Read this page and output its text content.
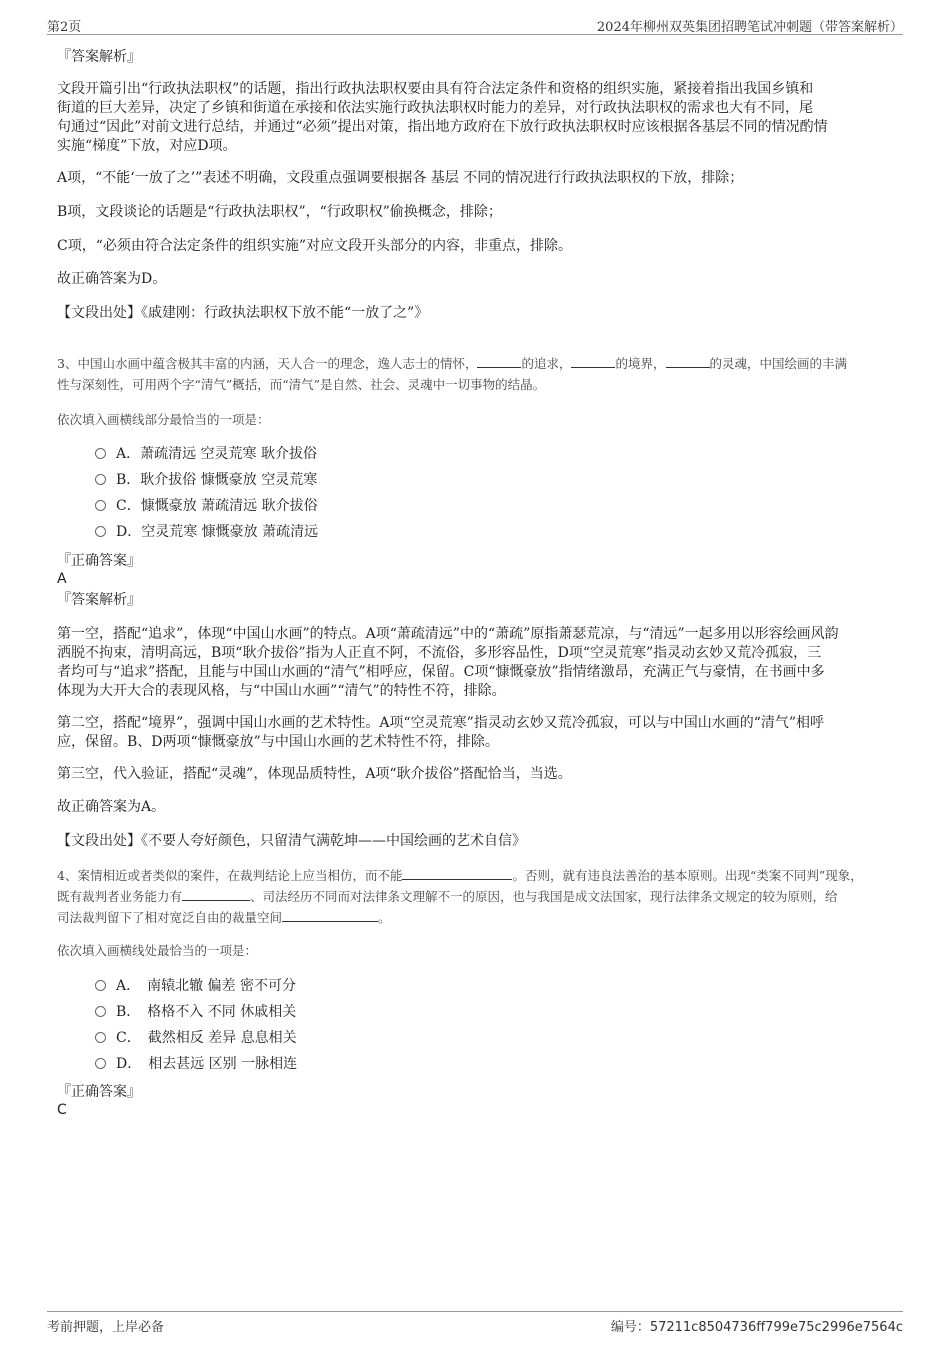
第2页	2024年柳州双英集团招聘笔试冲刺题（带答案解析）

『答案解析』

文段开篇引出“行政执法职权”的话题，指出行政执法职权要由具有符合法定条件和资格的组织实施，紧接着指出我国乡镇和

街道的巨大差异，决定了乡镇和街道在承接和依法实施行政执法职权时能力的差异，对行政执法职权的需求也大有不同，尾

句通过“因此”对前文进行总结，并通过“必须”提出对策，指出地方政府在下放行政执法职权时应该根据各基层不同的情况酌情

实施“梯度”下放，对应D项。

A项，“不能‘一放了之’”表述不明确，文段重点强调要根据各 基层 不同的情况进行行政执法职权的下放，排除；

B项，文段谈论的话题是“行政执法职权”，“行政职权”偷换概念，排除；

C项，“必须由符合法定条件的组织实施”对应文段开头部分的内容，非重点，排除。

故正确答案为D。

【文段出处】《戚建刚：行政执法职权下放不能“一放了之”》

3、中国山水画中蕴含极其丰富的内涵，天人合一的理念，逸人志士的情怀，	的追求，	的境界，	的灵魂，中国绘画的丰满

性与深刻性，可用两个字“清气”概括，而“清气”是自然、社会、灵魂中一切事物的结晶。

依次填入画横线部分最恰当的一项是：

A．萧疏清远 空灵荒寒 耿介拔俗
B．耿介拔俗 慷慨豪放 空灵荒寒
C．慷慨豪放 萧疏清远 耿介拔俗
D．空灵荒寒 慷慨豪放 萧疏清远

『正确答案』

A

『答案解析』

第一空，搭配“追求”，体现“中国山水画”的特点。A项“萧疏清远”中的“萧疏”原指萧瑟荒凉，与“清远”一起多用以形容绘画风韵

洒脱不拘束，清明高远，B项“耿介拔俗”指为人正直不阿，不流俗，多形容品性，D项“空灵荒寒”指灵动玄妙又荒冷孤寂，三

者均可与“追求”搭配，且能与中国山水画的“清气”相呼应，保留。C项“慷慨豪放”指情绪激昂，充满正气与豪情，在书画中多

体现为大开大合的表现风格，与“中国山水画”“清气”的特性不符，排除。

第二空，搭配“境界”，强调中国山水画的艺术特性。A项“空灵荒寒”指灵动玄妙又荒冷孤寂，可以与中国山水画的“清气”相呼

应，保留。B、D两项“慷慨豪放”与中国山水画的艺术特性不符，排除。

第三空，代入验证，搭配“灵魂”，体现品质特性，A项“耿介拔俗”搭配恰当，当选。

故正确答案为A。

【文段出处】《不要人夸好颜色，只留清气满乾坤——中国绘画的艺术自信》

4、案情相近或者类似的案件，在裁判结论上应当相仿，而不能	。否则，就有违良法善治的基本原则。出现“类案不同判”现象，

既有裁判者业务能力有	、司法经历不同而对法律条文理解不一的原因，也与我国是成文法国家，现行法律条文规定的较为原则，给

司法裁判留下了相对宽泛自由的裁量空间	。

依次填入画横线处最恰当的一项是：

A．　南辕北辙 偏差 密不可分
B．　格格不入 不同 休戚相关
C．　截然相反 差异 息息相关
D．　相去甚远 区别 一脉相连

『正确答案』

C

考前押题，上岸必备	编号：57211c8504736ff799e75c2996e7564c
